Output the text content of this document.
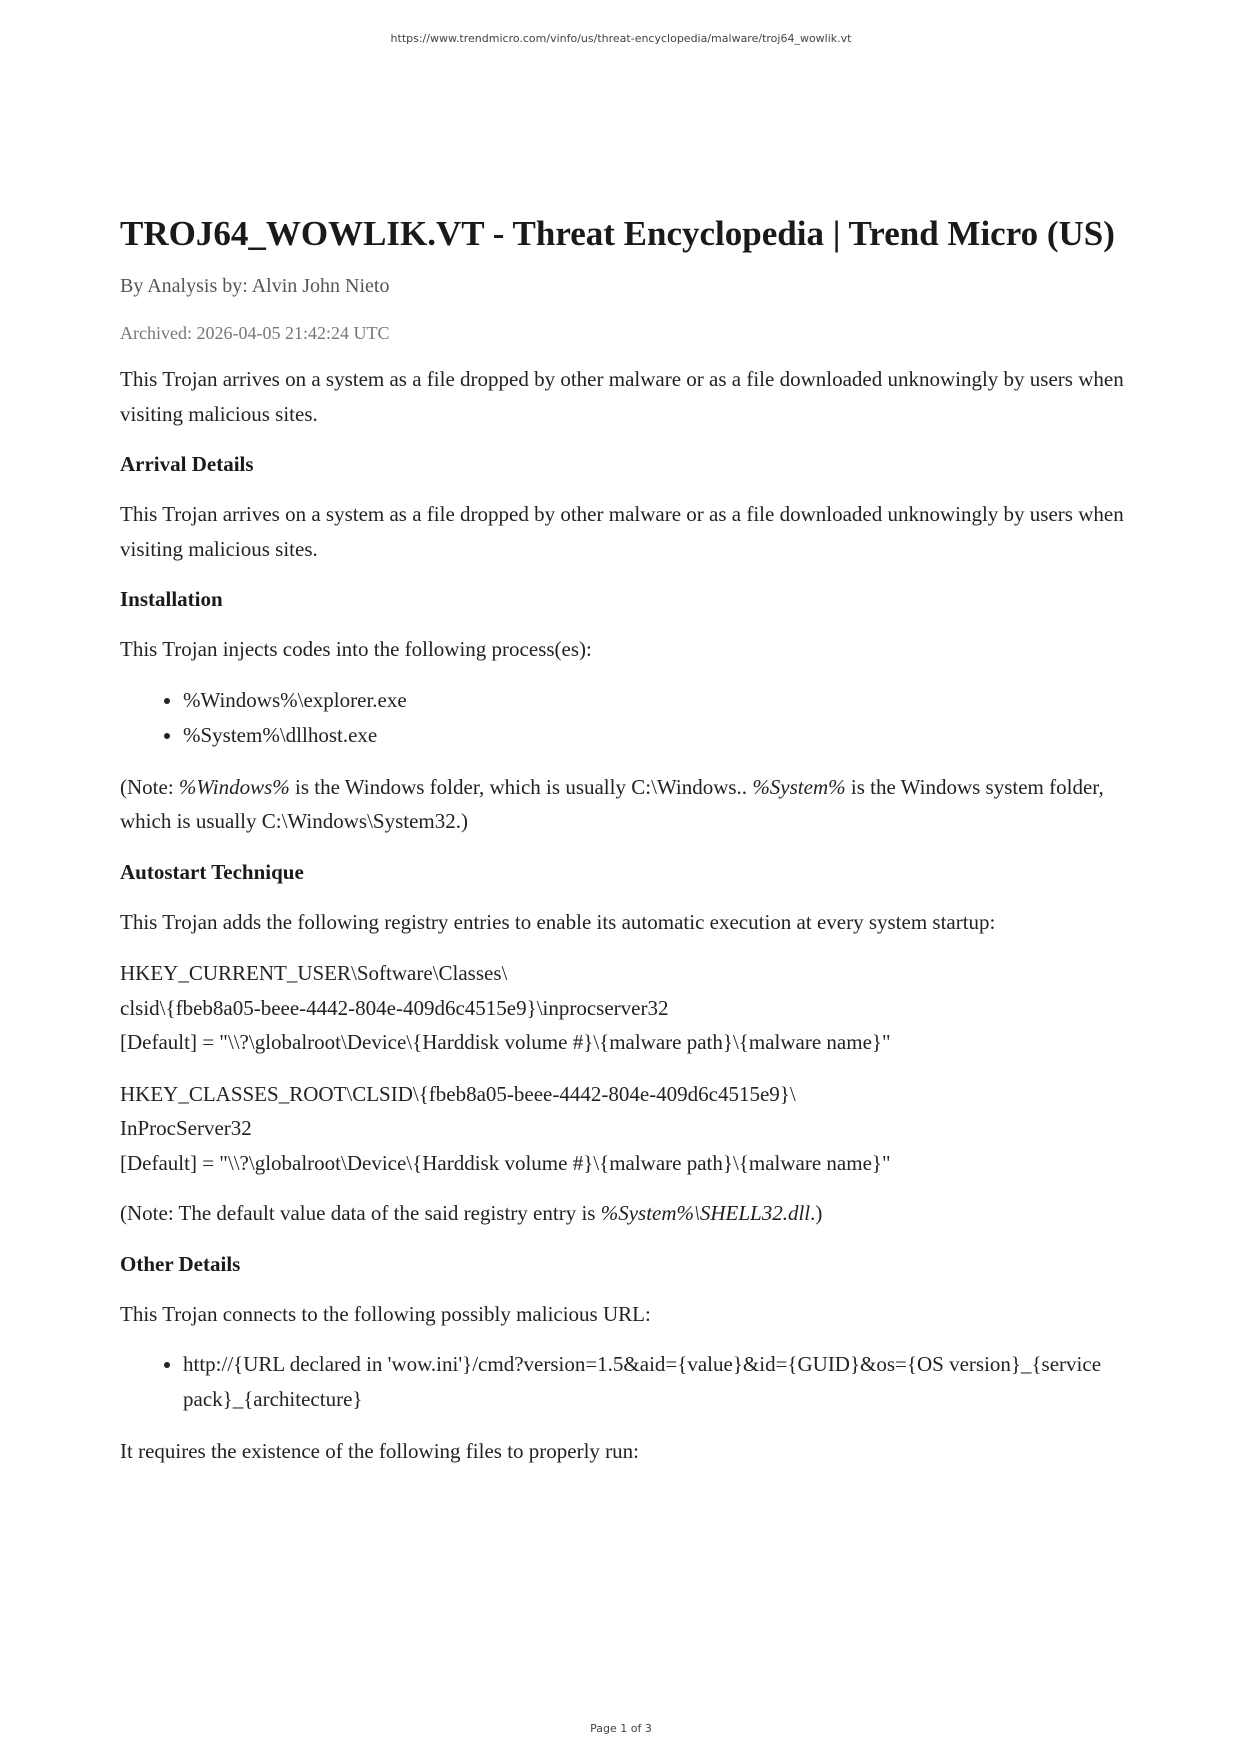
https://www.trendmicro.com/vinfo/us/threat-encyclopedia/malware/troj64_wowlik.vt
TROJ64_WOWLIK.VT - Threat Encyclopedia | Trend Micro (US)
By Analysis by: Alvin John Nieto
Archived: 2026-04-05 21:42:24 UTC

This Trojan arrives on a system as a file dropped by other malware or as a file downloaded unknowingly by users when visiting malicious sites.

Arrival Details

This Trojan arrives on a system as a file dropped by other malware or as a file downloaded unknowingly by users when visiting malicious sites.

Installation

This Trojan injects codes into the following process(es):

• %Windows%\explorer.exe
• %System%\dllhost.exe

(Note: %Windows% is the Windows folder, which is usually C:\Windows.. %System% is the Windows system folder, which is usually C:\Windows\System32.)

Autostart Technique

This Trojan adds the following registry entries to enable its automatic execution at every system startup:

HKEY_CURRENT_USER\Software\Classes\
clsid\{fbeb8a05-beee-4442-804e-409d6c4515e9}\inprocserver32
[Default] = "\\?\globalroot\Device\{Harddisk volume #}\{malware path}\{malware name}"
HKEY_CLASSES_ROOT\CLSID\{fbeb8a05-beee-4442-804e-409d6c4515e9}\
InProcServer32
[Default] = "\\?\globalroot\Device\{Harddisk volume #}\{malware path}\{malware name}"

(Note: The default value data of the said registry entry is %System%\SHELL32.dll.)

Other Details

This Trojan connects to the following possibly malicious URL:

• http://{URL declared in 'wow.ini'}/cmd?version=1.5&aid={value}&id={GUID}&os={OS version}_{service pack}_{architecture}

It requires the existence of the following files to properly run:

Page 1 of 3
